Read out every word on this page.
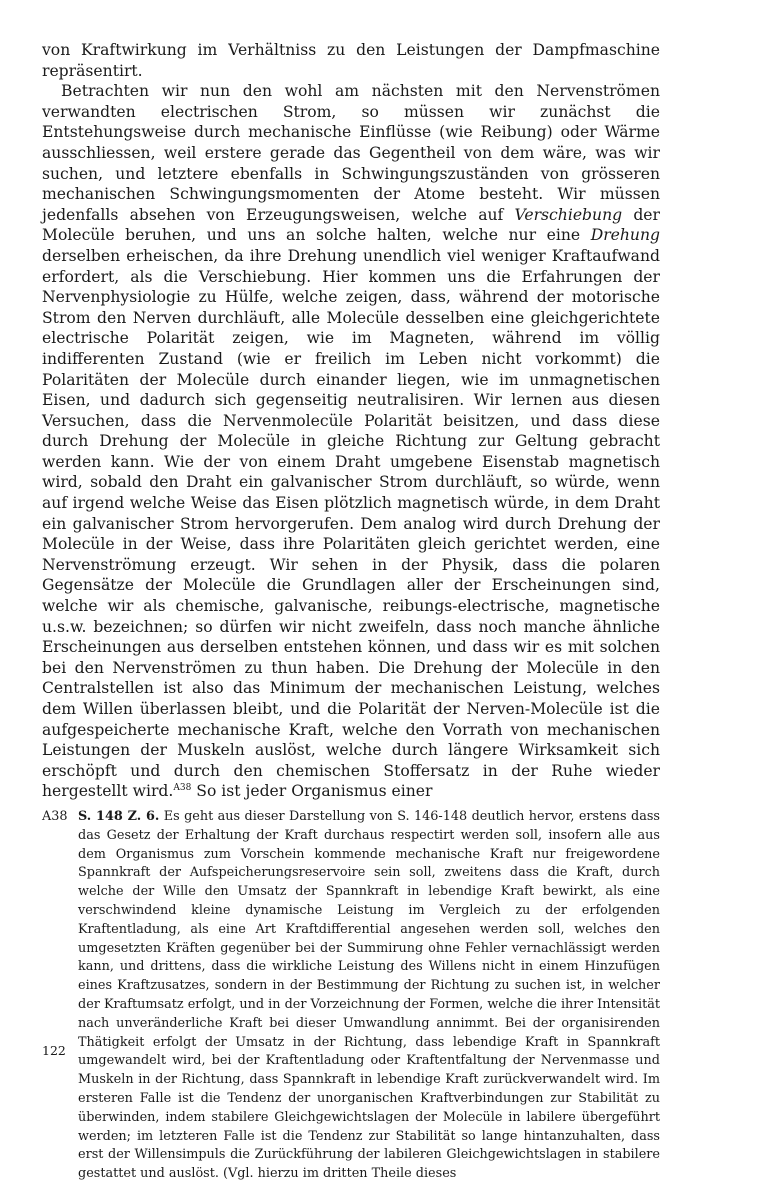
von Kraftwirkung im Verhältniss zu den Leistungen der Dampfmaschine repräsentirt.

Betrachten wir nun den wohl am nächsten mit den Nervenströmen verwandten electrischen Strom, so müssen wir zunächst die Entstehungsweise durch mechanische Einflüsse (wie Reibung) oder Wärme ausschliessen, weil erstere gerade das Gegentheil von dem wäre, was wir suchen, und letztere ebenfalls in Schwingungszuständen von grösseren mechanischen Schwingungsmomenten der Atome besteht. Wir müssen jedenfalls absehen von Erzeugungsweisen, welche auf Verschiebung der Molecüle beruhen, und uns an solche halten, welche nur eine Drehung derselben erheischen, da ihre Drehung unendlich viel weniger Kraftaufwand erfordert, als die Verschiebung. Hier kommen uns die Erfahrungen der Nervenphysiologie zu Hülfe, welche zeigen, dass, während der motorische Strom den Nerven durchläuft, alle Molecüle desselben eine gleichgerichtete electrische Polarität zeigen, wie im Magneten, während im völlig indifferenten Zustand (wie er freilich im Leben nicht vorkommt) die Polaritäten der Molecüle durch einander liegen, wie im unmagnetischen Eisen, und dadurch sich gegenseitig neutralisiren. Wir lernen aus diesen Versuchen, dass die Nervenmolecüle Polarität beisitzen, und dass diese durch Drehung der Molecüle in gleiche Richtung zur Geltung gebracht werden kann. Wie der von einem Draht umgebene Eisenstab magnetisch wird, sobald den Draht ein galvanischer Strom durchläuft, so würde, wenn auf irgend welche Weise das Eisen plötzlich magnetisch würde, in dem Draht ein galvanischer Strom hervorgerufen. Dem analog wird durch Drehung der Molecüle in der Weise, dass ihre Polaritäten gleich gerichtet werden, eine Nervenströmung erzeugt. Wir sehen in der Physik, dass die polaren Gegensätze der Molecüle die Grundlagen aller der Erscheinungen sind, welche wir als chemische, galvanische, reibungs-electrische, magnetische u.s.w. bezeichnen; so dürfen wir nicht zweifeln, dass noch manche ähnliche Erscheinungen aus derselben entstehen können, und dass wir es mit solchen bei den Nervenströmen zu thun haben. Die Drehung der Molecüle in den Centralstellen ist also das Minimum der mechanischen Leistung, welches dem Willen überlassen bleibt, und die Polarität der Nerven-Molecüle ist die aufgespeicherte mechanische Kraft, welche den Vorrath von mechanischen Leistungen der Muskeln auslöst, welche durch längere Wirksamkeit sich erschöpft und durch den chemischen Stoffersatz in der Ruhe wieder hergestellt wird.$^{A38}$ So ist jeder Organismus einer

A38 S. 148 Z. 6. Es geht aus dieser Darstellung von S. 146-148 deutlich hervor, erstens dass das Gesetz der Erhaltung der Kraft durchaus respectirt werden soll, insofern alle aus dem Organismus zum Vorschein kommende mechanische Kraft nur freigewordene Spannkraft der Aufspeicherungsreservoire sein soll, zweitens dass die Kraft, durch welche der Wille den Umsatz der Spannkraft in lebendige Kraft bewirkt, als eine verschwindend kleine dynamische Leistung im Vergleich zu der erfolgenden Kraftentladung, als eine Art Kraftdifferential angesehen werden soll, welches den umgesetzten Kräften gegenüber bei der Summirung ohne Fehler vernachlässigt werden kann, und drittens, dass die wirkliche Leistung des Willens nicht in einem Hinzufügen eines Kraftzusatzes, sondern in der Bestimmung der Richtung zu suchen ist, in welcher der Kraftumsatz erfolgt, und in der Vorzeichnung der Formen, welche die ihrer Intensität nach unveränderliche Kraft bei dieser Umwandlung annimmt. Bei der organisirenden Thätigkeit erfolgt der Umsatz in der Richtung, dass lebendige Kraft in Spannkraft umgewandelt wird, bei der Kraftentladung oder Kraftentfaltung der Nervenmasse und Muskeln in der Richtung, dass Spannkraft in lebendige Kraft zurückverwandelt wird. Im ersteren Falle ist die Tendenz der unorganischen Kraftverbindungen zur Stabilität zu überwinden, indem stabilere Gleichgewichtslagen der Molecüle in labilere übergeführt werden; im letzteren Falle ist die Tendenz zur Stabilität so lange hintanzuhalten, dass erst der Willensimpuls die Zurückführung der labileren Gleichgewichtslagen in stabilere gestattet und auslöst. (Vgl. hierzu im dritten Theile dieses
122
